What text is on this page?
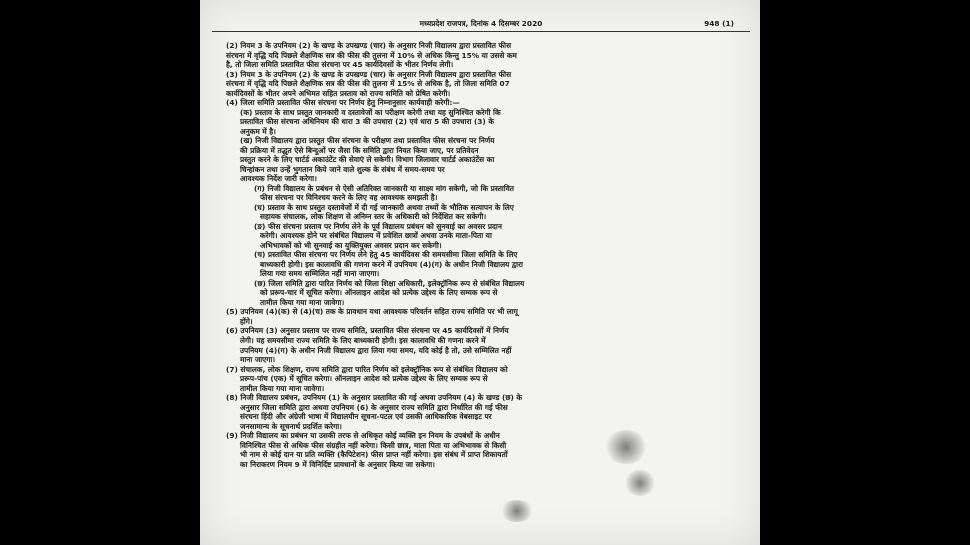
मध्यप्रदेश राजपत्र, दिनांक 4 दिसम्बर 2020	948 (1)
(2) नियम 3 के उपनियम (2) के खण्ड के उपखण्ड (चार) के अनुसार निजी विद्यालय द्वारा प्रस्तावित फीस
संरचना में वृद्धि यदि पिछले शैक्षणिक सत्र की फीस की तुलना में 10% से अधिक किन्तु 15% या उससे कम
है, तो जिला समिति प्रस्तावित फीस संरचना पर 45 कार्यदिवसों के भीतर निर्णय लेगी।
(3) नियम 3 के उपनियम (2) के खण्ड के उपखण्ड (चार) के अनुसार निजी विद्यालय द्वारा प्रस्तावित फीस
संरचना में वृद्धि यदि पिछले शैक्षणिक सत्र की फीस की तुलना में 15% से अधिक है, तो जिला समिति 07
कार्यदिवसों के भीतर अपने अभिमत सहित प्रस्ताव को राज्य समिति को प्रेषित करेगी।
(4) जिला समिति प्रस्तावित फीस संरचना पर निर्णय हेतु निम्नानुसार कार्यवाही करेगी:—
(क) प्रस्ताव के साथ प्रस्तुत जानकारी व दस्तावेजों का परीक्षण करेगी तथा यह सुनिश्चित करेगी कि
प्रस्तावित फीस संरचना अधिनियम की धारा 3 की उपधारा (2) एवं धारा 5 की उपधारा (3) के
अनुकम में है।
(ख) निजी विद्यालय द्वारा प्रस्तुत फीस संरचना के परीक्षण तथा प्रस्तावित फीस संरचना पर निर्णय
की प्रक्रिया में तद्धुत ऐसे बिन्दुओं पर जैसा कि समिति द्वारा नियत किया जाए, पर प्रतिवेदन
प्रस्तुत करने के लिए चार्टर्ड अकाउंटेंट की सेवाएं ले सकेगी। विभाग जिलावार चार्टर्ड अकाउंटेंस का
चिन्हांकन तथा उन्हें भुगतान किये जाने वाले शुल्क के संबंध में समय-समय पर
आवश्यक निर्देश जारी करेगा।
(ग) निजी विद्यालय के प्रबंधन से ऐसी अतिरिक्त जानकारी या साक्ष्य मांग सकेगी, जो कि प्रस्तावित
फीस संरचना पर विनिश्चय करने के लिए वह आवश्यक समझती है।
(घ) प्रस्ताव के साथ प्रस्तुत दस्तावेजों में दी गई जानकारी अथवा तथ्यों के भौतिक सत्यापन के लिए
सहायक संचालक, लोक शिक्षण से अनिम्न स्तर के अधिकारी को निर्देशित कर सकेगी।
(ङ) फीस संरचना प्रस्ताव पर निर्णय लेने के पूर्व विद्यालय प्रबंधन को सुनवाई का अवसर प्रदान
करेगी। आवश्यक होने पर संबंधित विद्यालय में प्रवेशित छात्रों अथवा उनके माता-पिता या
अभिभावकों को भी सुनवाई का युक्तियुक्त अवसर प्रदान कर सकेगी।
(च) प्रस्तावित फीस संरचना पर निर्णय लेने हेतु 45 कार्यदिवस की समयसीमा जिला समिति के लिए
बाध्यकारी होगी। इस कालावधि की गणना करने में उपनियम (4)(ग) के अधीन निजी विद्यालय द्वारा
लिया गया समय सम्मिलित नहीं माना जाएगा।
(छ) जिला समिति द्वारा पारित निर्णय को जिला शिक्षा अधिकारी, इलेक्ट्रॉनिक रूप से संबंधित विद्यालय
को प्ररूप-चार में सूचित करेगा। ऑनलाइन आदेश को प्रत्येक उद्देश्य के लिए सम्यक रूप से
तामील किया गया माना जावेगा।
(5) उपनियम (4)(क) से (4)(च) तक के प्रावधान यथा आवश्यक परिवर्तन सहित राज्य समिति पर भी लागू
होंगे।
(6) उपनियम (3) अनुसार प्रस्ताव पर राज्य समिति, प्रस्तावित फीस संरचना पर 45 कार्यदिवसों में निर्णय
लेगी। यह समयसीमा राज्य समिति के लिए बाध्यकारी होगी। इस कालावधि की गणना करने में
उपनियम (4)(ग) के अधीन निजी विद्यालय द्वारा लिया गया समय, यदि कोई है तो, उसे सम्मिलित नहीं
माना जाएगा।
(7) संचालक, लोक शिक्षण, राज्य समिति द्वारा पारित निर्णय को इलेक्ट्रॉनिक रूप से संबंधित विद्यालय को
प्ररूप-पांच (एक) में सूचित करेगा। ऑनलाइन आदेश को प्रत्येक उद्देश्य के लिए सम्यक रूप से
तामील किया गया माना जावेगा।
(8) निजी विद्यालय प्रबंधन, उपनियम (1) के अनुसार प्रस्तावित की गई अथवा उपनियम (4) के खण्ड (छ) के
अनुसार जिला समिति द्वारा अथवा उपनियम (6) के अनुसार राज्य समिति द्वारा निर्धारित की गई फीस
संरचना हिंदी और अंग्रेजी भाषा में विद्यालयीन सूचना-पटल एवं उसकी आधिकारिक वेबसाइट पर
जनसामान्य के सूचनार्थ प्रदर्शित करेगा।
(9) निजी विद्यालय का प्रबंधन या उसकी तरफ से अधिकृत कोई व्यक्ति इन नियम के उपबंधों के अधीन
विनिश्चित फीस से अधिक फीस संग्रहीत नहीं करेगा। किसी छात्र, माता पिता या अभिभावक से किसी
भी नाम से कोई दान या प्रति व्यक्ति (कैपिटेशन) फीस प्राप्त नहीं करेगा। इस संबंध में प्राप्त शिकायतों
का निराकरण नियम 9 में विनिर्दिष्ट प्रावधानों के अनुसार किया जा सकेगा।
